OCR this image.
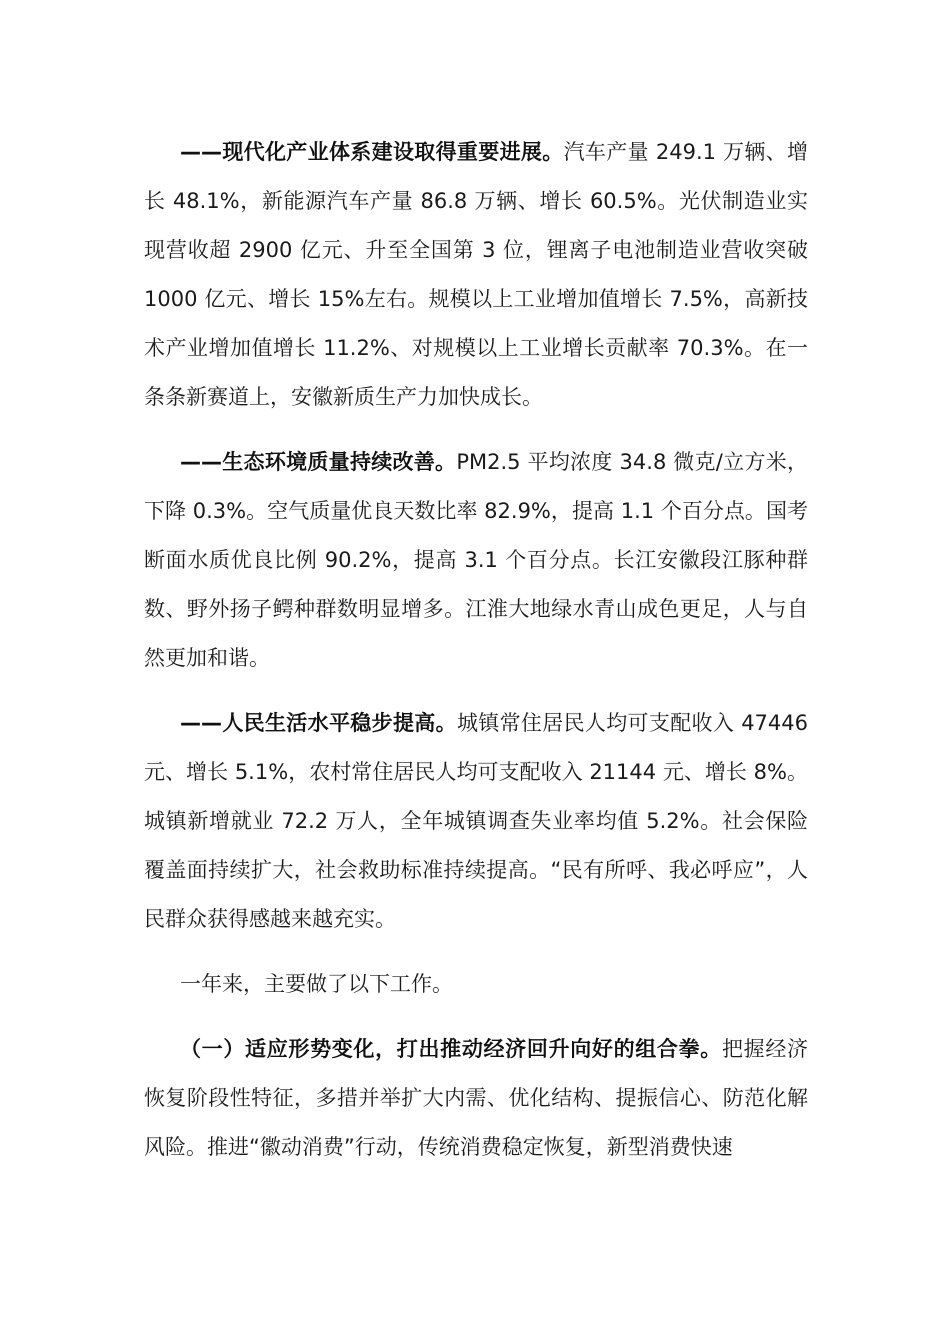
——现代化产业体系建设取得重要进展。汽车产量 249.1 万辆、增长 48.1%，新能源汽车产量 86.8 万辆、增长 60.5%。光伏制造业实现营收超 2900 亿元、升至全国第 3 位，锂离子电池制造业营收突破 1000 亿元、增长 15%左右。规模以上工业增加值增长 7.5%，高新技术产业增加值增长 11.2%、对规模以上工业增长贡献率 70.3%。在一条条新赛道上，安徽新质生产力加快成长。

——生态环境质量持续改善。PM2.5 平均浓度 34.8 微克/立方米，下降 0.3%。空气质量优良天数比率 82.9%，提高 1.1 个百分点。国考断面水质优良比例 90.2%，提高 3.1 个百分点。长江安徽段江豚种群数、野外扬子鳄种群数明显增多。江淮大地绿水青山成色更足，人与自然更加和谐。

——人民生活水平稳步提高。城镇常住居民人均可支配收入 47446 元、增长 5.1%，农村常住居民人均可支配收入 21144 元、增长 8%。城镇新增就业 72.2 万人，全年城镇调查失业率均值 5.2%。社会保险覆盖面持续扩大，社会救助标准持续提高。“民有所呼、我必呼应”，人民群众获得感越来越充实。

一年来，主要做了以下工作。

（一）适应形势变化，打出推动经济回升向好的组合拳。把握经济恢复阶段性特征，多措并举扩大内需、优化结构、提振信心、防范化解风险。推进“徽动消费”行动，传统消费稳定恢复，新型消费快速
